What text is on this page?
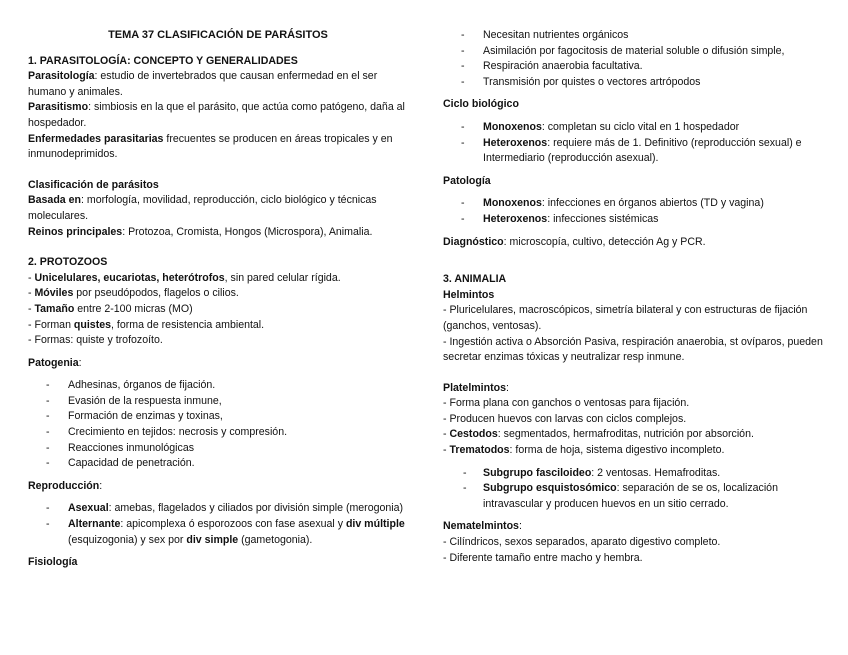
TEMA 37 CLASIFICACIÓN DE PARÁSITOS

1. PARASITOLOGÍA: CONCEPTO Y GENERALIDADES

Parasitología: estudio de invertebrados que causan enfermedad en el ser humano y animales.

Parasitismo: simbiosis en la que el parásito, que actúa como patógeno, daña al hospedador.

Enfermedades parasitarias frecuentes se producen en áreas tropicales y en inmunodeprimidos.

Clasificación de parásitos

Basada en: morfología, movilidad, reproducción, ciclo biológico y técnicas moleculares.

Reinos principales: Protozoa, Cromista, Hongos (Microspora), Animalia.

2. PROTOZOOS

- Unicelulares, eucariotas, heterótrofos, sin pared celular rígida.

- Móviles por pseudópodos, flagelos o cilios.

- Tamaño entre 2-100 micras (MO)

- Forman quistes, forma de resistencia ambiental.

- Formas: quiste y trofozoíto.

Patogenia:

- Adhesinas, órganos de fijación.
- Evasión de la respuesta inmune,
- Formación de enzimas y toxinas,
- Crecimiento en tejidos: necrosis y compresión.
- Reacciones inmunológicas
- Capacidad de penetración.

Reproducción:

- Asexual: amebas, flagelados y ciliados por división simple (merogonia)
- Alternante: apicomplexa ó esporozoos con fase asexual y div múltiple (esquizogonia) y sex por div simple (gametogonia).

Fisiología

- Necesitan nutrientes orgánicos
- Asimilación por fagocitosis de material soluble o difusión simple,
- Respiración anaerobia facultativa.
- Transmisión por quistes o vectores artrópodos

Ciclo biológico

- Monoxenos: completan su ciclo vital en 1 hospedador
- Heteroxenos: requiere más de 1. Definitivo (reproducción sexual) e Intermediario (reproducción asexual).

Patología

- Monoxenos: infecciones en órganos abiertos (TD y vagina)
- Heteroxenos: infecciones sistémicas

Diagnóstico: microscopía, cultivo, detección Ag y PCR.

3. ANIMALIA

Helmintos

- Pluricelulares, macroscópicos, simetría bilateral y con estructuras de fijación (ganchos, ventosas).

- Ingestión activa o Absorción Pasiva, respiración anaerobia, st ovíparos, pueden secretar enzimas tóxicas y neutralizar resp inmune.

Platelmintos:

- Forma plana con ganchos o ventosas para fijación.

- Producen huevos con larvas con ciclos complejos.

- Cestodos: segmentados, hermafroditas, nutrición por absorción.

- Trematodos: forma de hoja, sistema digestivo incompleto.

- Subgrupo fasciloideo: 2 ventosas. Hemafroditas.
- Subgrupo esquistosómico: separación de se os, localización intravascular y producen huevos en un sitio cerrado.

Nematelmintos:

- Cilíndricos, sexos separados, aparato digestivo completo.

- Diferente tamaño entre macho y hembra.
